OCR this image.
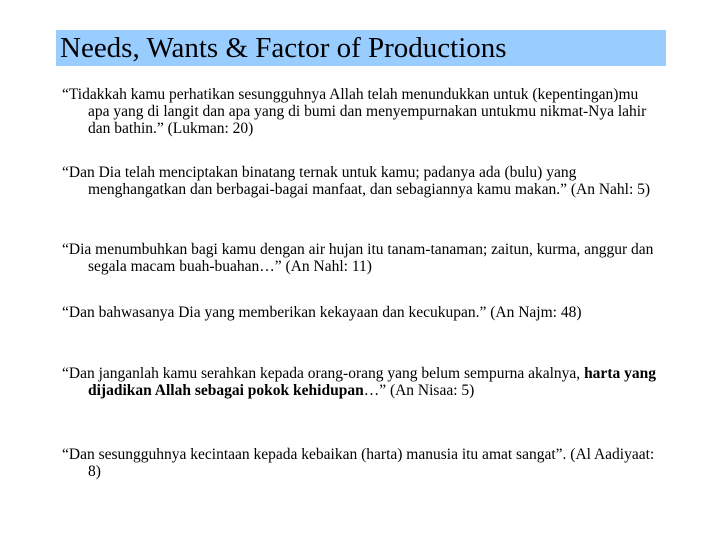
Needs, Wants & Factor of Productions

“Tidakkah kamu perhatikan sesungguhnya Allah telah menundukkan untuk (kepentingan)mu apa yang di langit dan apa yang di bumi dan menyempurnakan untukmu nikmat-Nya lahir dan bathin.” (Lukman: 20)

“Dan Dia telah menciptakan binatang ternak untuk kamu; padanya ada (bulu) yang menghangatkan dan berbagai-bagai manfaat, dan sebagiannya kamu makan.” (An Nahl: 5)

“Dia menumbuhkan bagi kamu dengan air hujan itu tanam-tanaman; zaitun, kurma, anggur dan segala macam buah-buahan…” (An Nahl: 11)

“Dan bahwasanya Dia yang memberikan kekayaan dan kecukupan.” (An Najm: 48)

“Dan janganlah kamu serahkan kepada orang-orang yang belum sempurna akalnya, harta yang dijadikan Allah sebagai pokok kehidupan…” (An Nisaa: 5)

“Dan sesungguhnya kecintaan kepada kebaikan (harta) manusia itu amat sangat”. (Al Aadiyaat: 8)
